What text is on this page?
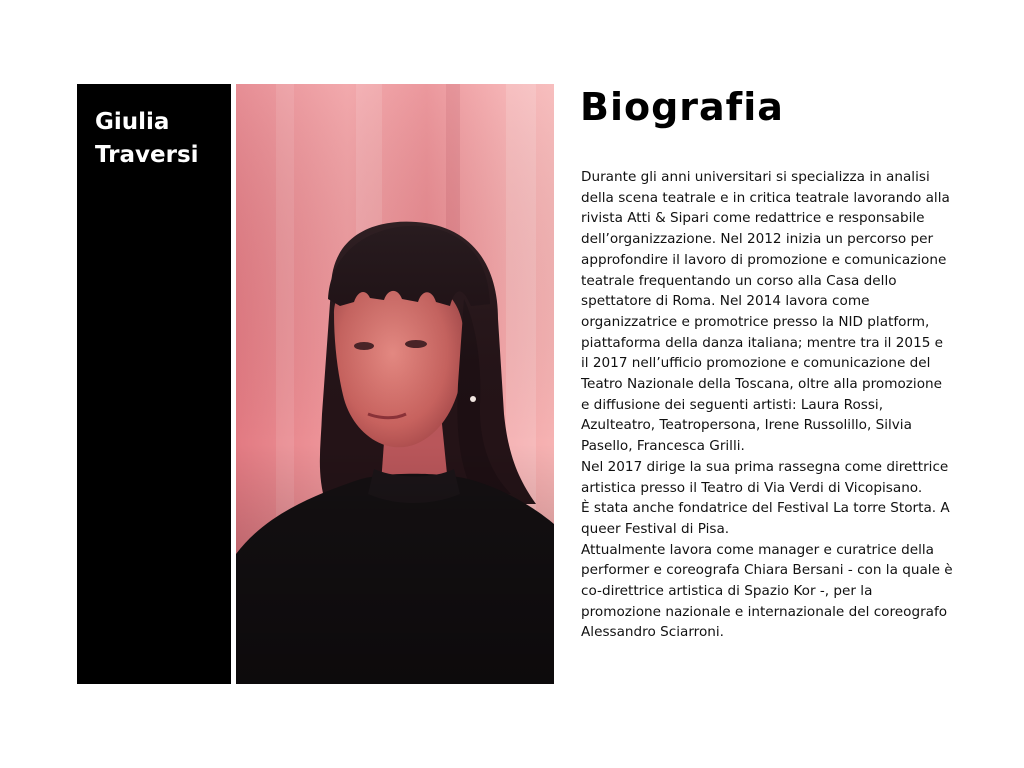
Giulia
Traversi
Biografia

Durante gli anni universitari si specializza in analisi della scena teatrale e in critica teatrale lavorando alla rivista Atti & Sipari come redattrice e responsabile dell’organizzazione. Nel 2012 inizia un percorso per approfondire il lavoro di promozione e comunicazione teatrale frequentando un corso alla Casa dello spettatore di Roma. Nel 2014 lavora come organizzatrice e promotrice presso la NID platform, piattaforma della danza italiana; mentre tra il 2015 e il 2017 nell’ufficio promozione e comunicazione del Teatro Nazionale della Toscana, oltre alla promozione e diffusione dei seguenti artisti: Laura Rossi, Azulteatro, Teatropersona, Irene Russolillo, Silvia Pasello, Francesca Grilli.

Nel 2017 dirige la sua prima rassegna come direttrice artistica presso il Teatro di Via Verdi di Vicopisano.

È stata anche fondatrice del Festival La torre Storta. A queer Festival di Pisa.

Attualmente lavora come manager e curatrice della performer e coreografa Chiara Bersani - con la quale è co-direttrice artistica di Spazio Kor -, per la promozione nazionale e internazionale del coreografo Alessandro Sciarroni.
